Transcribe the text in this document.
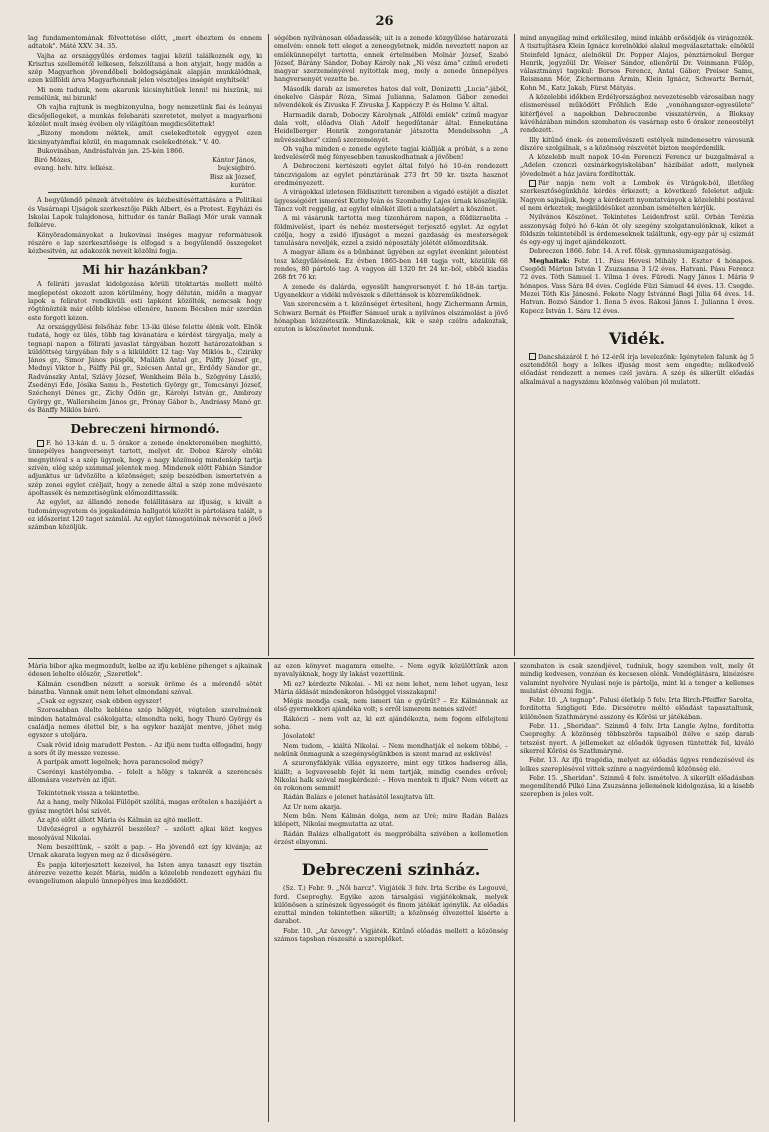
26

lag fundamentomának fölvettetése előtt, „mert éheztem és ennem adtatok". Máté XXV. 34. 35.

Vajha az országgyűlés érdemes tagjai közül találkoznék egy, ki Krisztus szellemétől lelkesen, felszólítaná a hon atyjait, hogy midőn a szép Magyarhon jövendőbeli boldogságának alapján munkálódnak, ezen külföldi árva Magyarhonnak jelen vészteljes inségét enyhítsék!

Mi nem tudunk, nem akarunk kicsinyhitűek lenni! mi hiszünk, mi remélünk, mi bizunk!

Oh vajha rajtunk is megbizonyulna, hogy nemzetünk fiai és leányai dicsőjellegeket, a munkás felebaráti szeretetet, melyet a magyarhoni közélet mult inség évében oly világítóan megdicsőitettek!

„Bizony mondom néktek, amit cselekedtetek egygyel ezen kicsinyatyámfiai közül, én magamnak cselekedtétek." V. 40.

Bukovinában, Andrásfalván jan. 25-kén 1866.

Biró Mózes,
evang. helv. hitv. lelkész.
Kántor János,
bujcsigbiró.
Bisz ak József,
kurátor.

A begyülendő pénzek átvételére és kézbesitéséttattására a Politikai és Vasárnapi Ujságok szerkesztője Pákh Albert, és a Protest. Egyházi és Iskolai Lapok tulajdonosa, hittudor és tanár Ballagi Mór urak vannak felkérve.

Könyöradományokat a bukovinai inséges magyar reformátusok részére e lap szerkesztősége is elfogad s a begyülendő összegeket kézbesitvén, az adakozók neveit közölni fogja.

Mi hir hazánkban?

A feliráti javaslat kidolgozása körüli titoktartás mellett méltó meglepetést okozott azon körülmény, hogy délután, midőn a magyar lapok a feliratot rendkivüli esti lapként közölték, nemcsak hogy rögtönözték már előbb közlése ellenére, hanem Bécsben már szerdán este forgott kézen.

Az országgyűlési felsőház febr. 13-iki ülése felette élénk volt. Elnök tudatá, hogy ez ülés, több tag kivánatára e kérdést tárgyalja, mely a tegnapi napon a fölirati javaslat tárgyában hozott határozatokban s küldöttség tárgyában foly s a kiküldött 12 tag: Vay Miklós b., Cziráky János gr., Simor János püspök, Mailáth Antal gr., Pálffy József gr., Mednyi Viktor b., Pálffy Pál gr., Szécsen Antal gr., Erdődy Sándor gr., Radvánszky Antal, Szlávy József, Wenkheim Béla b., Szögyény László, Zsedényi Ede, Jósika Samu b., Festetich György gr., Tomcsányi József, Széchenyi Dénes gr., Zichy Ödön gr., Károlyi István gr., Ambrozy György gr., Wallersheim János gr., Prónay Gábor b., Andrássy Manó gr. és Bánffy Miklós báró.

Debreczeni hirmondó.

F. hó 13-kán d. u. 5 órakor a zenede énekteremében meghittó, ünnepélyes hangversenyt tartott, melyet dr. Doboz Károly elnöki megnyitóval s a szép ügynek, hogy a nagy közönség mindenkép tartja szivén, elég szép számmal jelentek meg. Mindenek előtt Fábián Sándor adjunktus ur üdvözölte a közönséget; szép beszédben ismertetvén a szép zenei egylet czéljait, hogy a zenede által a szép zene művészete ápoltassék és nemzetiségünk előmozdittassék.

Az egylet, az állandó zenede felállitására az ifjuság, s kivált a tudományegyetem és jogakadémia hallgatói között is pártolásra talált, s ez időszerint 120 tagot számlál. Az egylet támogatóinak névsorát a jövő számban közöljük.

ségében nyilvánosan előadassék; uit is a zenede közgyűlése határozatá emelvén: ennek tett eleget a zeneegyletnek, midőn neveztett napon az emlékünnepélyt tartotta, ennek értelmében Molnár József, Szabó József, Bárány Sándor, Dobay Károly nak „Ni vész áma" czímű eredeti magyar szerzeményével nyitottak meg, mely a zenede ünnepélyes hangversenyét vezette be.

Második darab az ismeretes hatos dal volt, Donizetti „Lucia"-jából, énekelve Gáspár Róza, Simai Julianna, Salamon Gábor zenedei növendékek és Zivuska F. Zivuska J. Kappéczy P. és Helme V. által.

Harmadik darab, Doboczy Károlynak „Alföldi emlék" czímű magyar dala volt, előadva Olah Adolf hegedűtanár által. Ennekutána Heidelberger Henrik zongoratanár játszotta Mendelssohn „A művészekhez" czímű szerzeményét.

Oh vajha minden e zenede egylete tagjai kiállják a próbát, s a zene kedveléséről még fényesebben tanuskodhatnak a jövőben!

A Debreczeni kertészeti egylet által folyó hó 10-én rendezett tánczvigalom az egylet pénztárának 273 frt 59 kr. tiszta hasznot eredményezett.

A virágokkal izletesen földiszitett teremben a vigadó estéjét a díszlet ügyességéért ismerést Kuthy Iván és Szombathy Lajos úrnak köszönjük. Táncz volt reggelig, az egylet elnökét illeti a mulatságért a köszönet.

A mi vásárunk tartotta meg tizenhárom napon, a földiizraelita – földmivelést, ipart és nehéz mesterséget terjesztő egylet. Az egylet czélja, hogy a zsidó ifjuságot a mezei gazdaság és mesterségek tanulására neveljék, ezzel a zsidó néposztály jólétét előmozditsák.

A magyar állam és a bűnbánat ügyében az egylet évenkint jelentést tesz közgyűlésének. Ez évben 1865-ben 148 tagja volt, közülük 68 rendes, 80 pártoló tag. A vagyon áll 1320 frt 24 kr.-ból, ebből kiadás 268 frt 76 kr.

A zenede és dalárda, egyesült hangversenyét f. hó 18-án tartja. Ugyanekkor a vidéki művészek s dilettánsok is közreműködnek.

Van szerencsém a t. közönséget értesíteni, hogy Zichermann Ármin, Schwarz Bernát és Pfeiffer Sámuel urak a nyilvános elszámolást a jövő hónapban közzéteszik. Mindazoknak, kik e szép czélra adakoztak, ezuton is köszönetet mondunk.

mind anyagilag mind erkölcsileg, mind inkább erősödjék és virágozzék. A tisztujításra Klein Ignácz korelnökké alakul megválasztattak: elnökül Steinfeld Ignácz, alelnökül Dr. Popper Alajos, pénztárnokul Berger Henrik, jegyzőül Dr. Weiser Sándor, ellenőrül Dr. Veinmann Fülöp, választmányi tagokul: Borsos Ferencz, Antal Gábor, Preiser Samu, Reismann Mór, Zichermann Ármin, Klein Ignácz, Schwartz Bernát, Kohn M., Katz Jakab, Fürst Mátyás.

A közelebbi időkben Erdélyországhoz nevezetesebb városaiban nagy elismeréssel működött Frőhlich Ede „vonóhangszer-egyesülete" kitérfjével a napokban Debreczenbe visszatérvén, a Bloksay kávéházában minden szombaton és vasárnap este 6 órakor zeneestélyt rendezett.

Illy kitűnő ének- és zeneművészeti estélyek mindenesetre városunk díszére szolgálnak, s a közönség részvétét bizton megérdemlik.

A közelebb mult napok 10-én Ferenczi Ferencz ur buzgalmával a „Adelen czenczi ozsinárkegyiskolában" házibálat adott, melynek jövedelmét a ház javára fordították.

Pár napja nem volt a Lombok és Virágok-ból, illetőleg szerkesztőségünkhöz kérdés érkezett; a következő feleletet adjuk: Nagyon sajnáljuk, hogy a kérdezett nyomtatványok a közelebbi postával el nem érkeztek; megküldésüket azonban ismételten kérjük.

Nyilvános Köszönet. Tekintetes Leidenfrost szül. Orbán Terézia asszonyság folyó hó 6-kán öt oly szegény szolgatanulónknak, kiket a földszín tekintetéből is érdemeseknek találtunk, egy-egy pár uj csizmát és egy-egy uj inget ajándékozott.

Debreczen 1866. febr. 14. A ref. főisk. gymnasiumigazgatóság.

Meghaltak: Febr. 11. Pásu Hevesi Mihály 1. Eszter 4 hónapos. Csegödi Márton István 1 Zsuzsanna 3 1/2 éves. Hatvani. Pásu Ferencz 72 éves. Tóth Sámuel 1. Vilma 1 éves. Füredi. Nagy János 1. Mária 9 hónapos. Vass Sára 84 éves. Cegléde Füzi Sámuel 44 éves. 13. Csegde. Mezei Tóth Kis Jánosné. Fekete Nagy Istvánné Bagi Júlia 64 éves. 14. Hatvan. Bozsó Sándor 1. Ilona 5 éves. Rákosi János 1. Julianna 1 éves. Kupecz István 1. Sára 12 éves.

Vidék.

Dancsházáról f. hó 12-éről írja levelezőnk: Igénytelen falunk ág 5 esztendőtől hogy a lelkes ifjuság most sem engedte; műkedvelő előadást rendezett a nemes czél javára. A szép és sikerült előadás alkalmával a nagyszámu közönség valóban jól mulatott.

Mária bibor ajka megmozdult, kelbe az ifju kebléne pihenget s ajkainak édesen lehelte először, „Szeretlek".

Kálmán csendben nézett a sorsuk öröme és a mérendő sötét bánatba. Vannak amit nem lehet elmondani szóval.

„Csak ez egyszer, csak ebben egyszer!

Szorosabban ölelte kebléne szép hölgyét, végtelen szerelmének minden hatalmával csókolgatta; elmondta neki, hogy Thuró György és családja nemes élettel bir, s ha egykor hazáját mentve, jöhet még egyszer s utoljára.

Csak rövid ideig maradott Pesten. – Az ifjú nem tudta elfogadni, hogy a sors őt ily messze vezesse.

A paripák amott legelnek; hova parancsolod mégy?

Cserényi kastélyomba. – felelt a hölgy s takarék a szerencsés állomásra vezetvén az ifjút.

Tekintetnek vissza a tekintetbe.

Az a hang, mely Nikolai Fülöpöt szólítá, magas erőtelen s hazájáért a gyász megtöri hősi szivét.

Az ajtó előtt állott Mária és Kálmán az ajtó mellett.

Udvözségrol a egyházról beszélez? – szólott ajkai közt kegyes mosolyával Nikolai.

Nem beszéltünk, – szólt a pap. – Ha jövendő ezt így kivánja; az Urnak akarata legyen meg az ő dicsőségére.

És papja kiterjesztett kezeivel, ha Isten anya tanaszt egy tisztán átérezve vezette kezét Mária, midőn a közelebb rendezett egyházi fiu evangeliumon alapuló ünnepélyes ima kezdődött.

az ezen könyvet magamra emelte. – Nem egyik közülöttünk azon nyavalyáknak, hogy ily lakást vezettünk.

Mi ez? kérdezte Nikolai. – Mi ez nem lehet, nem lehet ugyan, lesz Mária áldását mindenkoron hűséggel visszakapni!

Mégis mondja csak, nem ismeri tán e gyűrűt? – Ez Kálmánnak az első gyermekkori ajándéka volt; s erről ismerem nemes szivét!

Rákóczi – nem volt az, ki ezt ajándékozta, nem fogom elfelejteni soha.

Jósolatok!

Nem tudom, – kiáltá Nikolai. – Nem mondhatják el nekem többé, – nekünk önmagunk a szegénységünkben is szent marad az esküvés!

A szuronyfáklyák villáa egyszerre, mint egy titkos hadsereg álla, kiállt; a legvavesebb fejét ki nem tartják, mindig csendes erővel; Nikolai halk szóval megkérdezé: – Hova mentek ti ifjuk? Nem vétett az én rokonom semmit!

Rádán Balázs e jelenet hatásától lesujtatva ült.

Az Ur nem akarja.

Nem bűn. Nem Kálmán dolga, nem az Uré; mire Radán Balázs kilépett, Nikolai megmutatta az utat.

Rádán Balázs elhallgatott és megpróbálta szivében a kellemetlen érzést elnyomni.

Debreczeni szinház.

(Sz. T.) Febr. 9. „Női harcz". Vigjáték 3 felv. Irta Scribe és Legouvé, ford. Csepreghy. Egyike azon társalgási vigjátékoknak, melyek különösen a színészek ügyességét és finom játékát igénylik. Az előadás ezuttal minden tekintetben sikerült; a közönség élvezettel kisérte a darabot.

Febr. 10. „Az özvegy". Vigjáték. Kitűnő előadás mellett a közönség számos tapsban részesité a szereplőket.

szombaton is csak szendjével, tudniuk, hogy szemben volt, mely őt mindig kedvesen, vonzóan és kecsesen elénk. Vendéglátásra, kinézésre valamint nyelvére Nyulasi neje is pártolja, mint ki a tenger a kellemes mulatást élvezni fogja.

Febr. 10. „A tegnap". Palusi életkép 5 felv. Irta Birch-Pfeiffer Sarolta, fordította Szigligeti Ede. Dicséretre méltó előadást tapasztaltunk, különösen Szathmáryné asszony és Kőrösi ur játékában.

Febr. 11. „Sheridan". Szinmű 4 felv. Irta Langle Aylne, fordította Csepreghy. A közönség többszörös tapsaiból ítélve e szép darab tetszést nyert. A jellemeket az előadók ügyesen tüntették fel, kiváló sikerrel Kőrösi és Szathmáryné.

Febr. 13. Az ifjú tragédia, melyet az előadás ügyes rendezésével és lelkes szereplésével vittek színre a nagyérdemű közönség elé.

Febr. 15. „Sheridan". Szinmű 4 felv. ismételve. A sikerült előadásban megemlítendő Pilkó Lina Zsuzsánna jellemének kidolgozása, ki a kisebb szerepben is jeles volt.
